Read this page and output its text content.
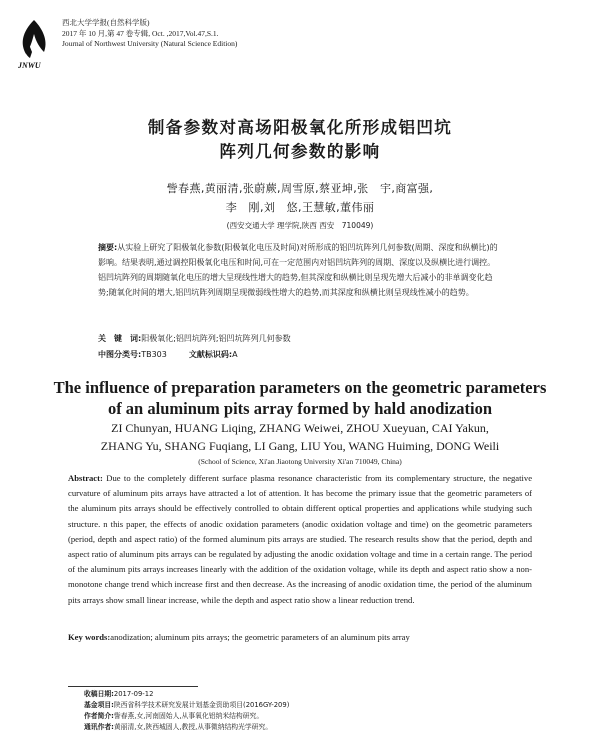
JNWU
西北大学学报(自然科学版)
2017 年 10 月,第 47 卷专辑, Oct. ,2017,Vol.47,S.1.
Journal of Northwest University (Natural Science Edition)
制备参数对高场阳极氧化所形成铝凹坑
阵列几何参数的影响
訾春燕,黄丽清,张蔚蕨,周雪原,蔡亚坤,张　宇,商富强,
李　刚,刘　悠,王慧敏,董伟丽
(西安交通大学 理学院,陕西 西安　710049)
摘要:从实验上研究了阳极氧化参数(阳极氧化电压及时间)对所形成的铝凹坑阵列几何参数(周期、深度和纵横比)的影响。结果表明,通过调控阳极氧化电压和时间,可在一定范围内对铝凹坑阵列的周期、深度以及纵横比进行调控。铝凹坑阵列的周期随氧化电压的增大呈现线性增大的趋势,但其深度和纵横比则呈现先增大后减小的非单调变化趋势;随氧化时间的增大,铝凹坑阵列周期呈现微弱线性增大的趋势,而其深度和纵横比则呈现线性减小的趋势。
关　键　词:阳极氧化;铝凹坑阵列;铝凹坑阵列几何参数
中图分类号:TB303	文献标识码:A
The influence of preparation parameters on the geometric parameters
of an aluminum pits array formed by hald anodization
ZI Chunyan, HUANG Liqing, ZHANG Weiwei, ZHOU Xueyuan, CAI Yakun,
ZHANG Yu, SHANG Fuqiang, LI Gang, LIU You, WANG Huiming, DONG Weili
(School of Science, Xi'an Jiaotong University Xi'an 710049, China)
Abstract: Due to the completely different surface plasma resonance characteristic from its complementary structure, the negative curvature of aluminum pits arrays have attracted a lot of attention. It has become the primary issue that the geometric parameters of the aluminum pits arrays should be effectively controlled to obtain different optical properties and applications while studying such structure. n this paper, the effects of anodic oxidation parameters (anodic oxidation voltage and time) on the geometric parameters (period, depth and aspect ratio) of the formed aluminum pits arrays are studied. The research results show that the period, depth and aspect ratio of aluminum pits arrays can be regulated by adjusting the anodic oxidation voltage and time in a certain range. The period of the aluminum pits arrays increases linearly with the addition of the oxidation voltage, while its depth and aspect ratio show a non-monotone change trend which increase first and then decrease. As the increasing of anodic oxidation time, the period of the aluminum pits arrays show small linear increase, while the depth and aspect ratio show a linear reduction trend.
Key words:anodization; aluminum pits arrays; the geometric parameters of an aluminum pits array
收稿日期:2017-09-12
基金项目:陕西省科学技术研究发展计划基金资助项目(2016GY-209)
作者简介:訾春燕,女,河南固始人,从事氧化铝纳米结构研究。
通讯作者:黄丽清,女,陕西城固人,教授,从事微纳结构光学研究。
